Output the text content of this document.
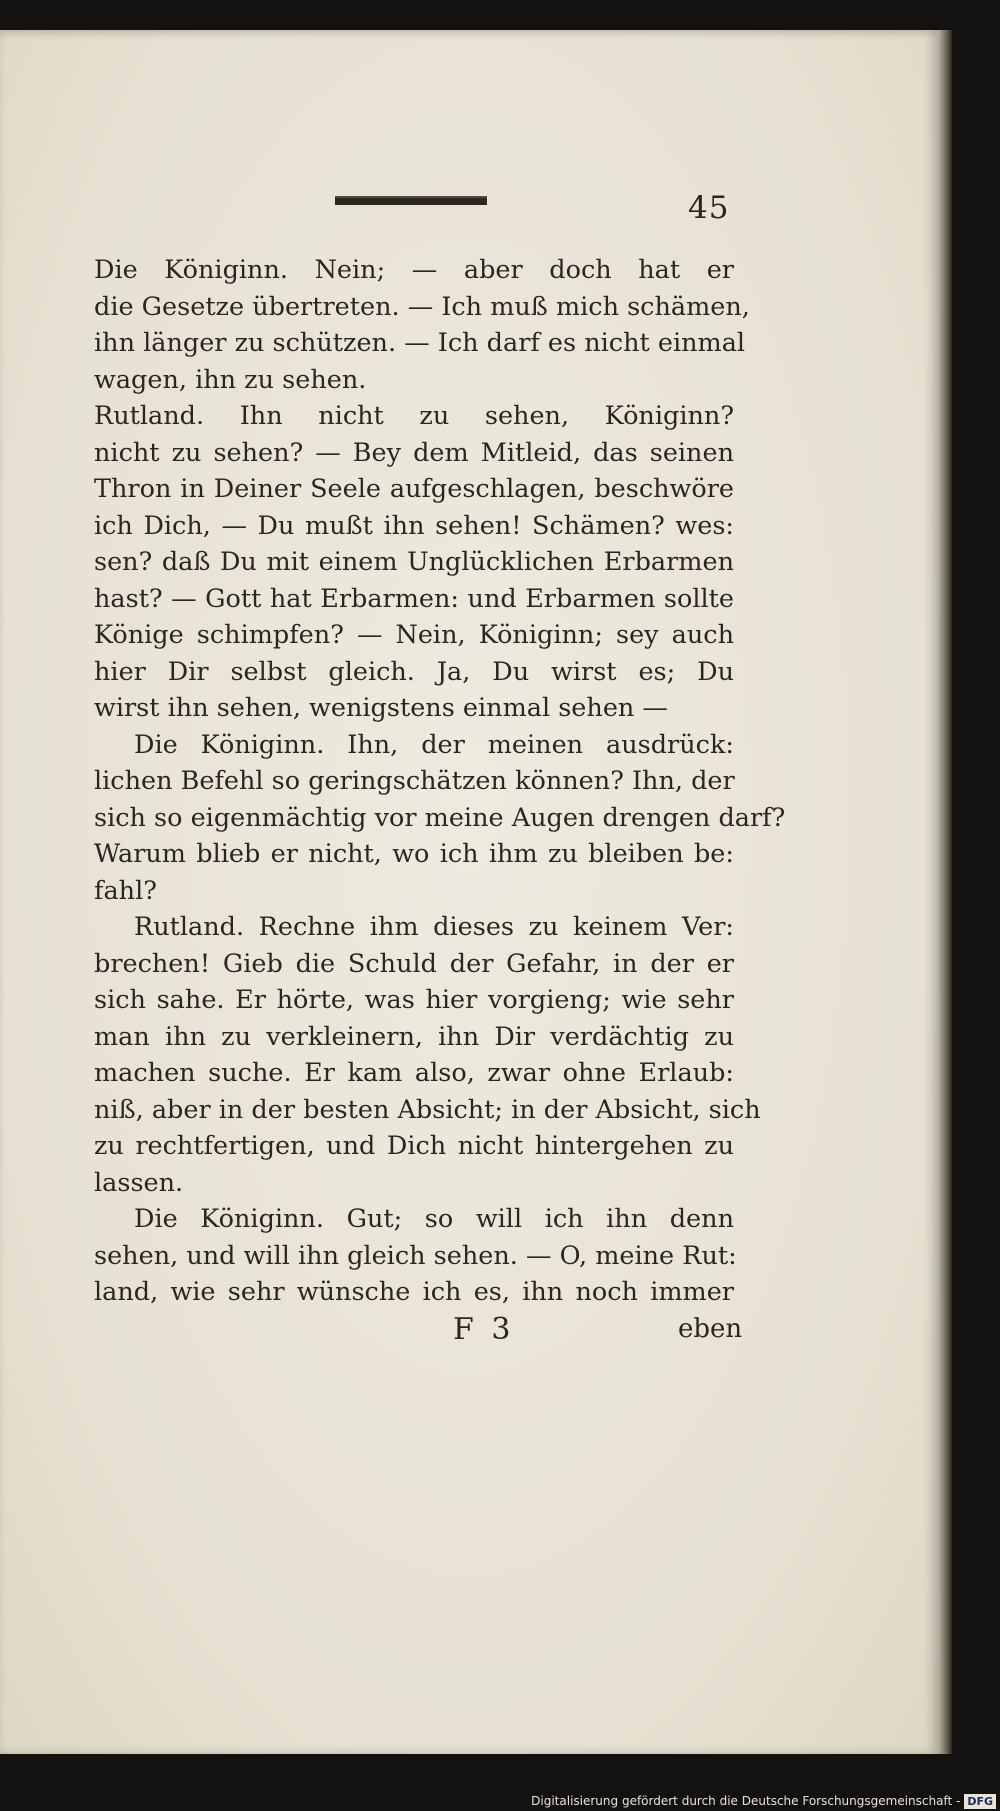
45
Die Königinn. Nein; — aber doch hat er
die Gesetze übertreten. — Ich muß mich schämen,
ihn länger zu schützen. — Ich darf es nicht einmal
wagen, ihn zu sehen.
Rutland. Ihn nicht zu sehen, Königinn?
nicht zu sehen? — Bey dem Mitleid, das seinen
Thron in Deiner Seele aufgeschlagen, beschwöre
ich Dich, — Du mußt ihn sehen! Schämen? wes:
sen? daß Du mit einem Unglücklichen Erbarmen
hast? — Gott hat Erbarmen: und Erbarmen sollte
Könige schimpfen? — Nein, Königinn; sey auch
hier Dir selbst gleich. Ja, Du wirst es; Du
wirst ihn sehen, wenigstens einmal sehen —
Die Königinn. Ihn, der meinen ausdrück:
lichen Befehl so geringschätzen können? Ihn, der
sich so eigenmächtig vor meine Augen drengen darf?
Warum blieb er nicht, wo ich ihm zu bleiben be:
fahl?
Rutland. Rechne ihm dieses zu keinem Ver:
brechen! Gieb die Schuld der Gefahr, in der er
sich sahe. Er hörte, was hier vorgieng; wie sehr
man ihn zu verkleinern, ihn Dir verdächtig zu
machen suche. Er kam also, zwar ohne Erlaub:
niß, aber in der besten Absicht; in der Absicht, sich
zu rechtfertigen, und Dich nicht hintergehen zu
lassen.
Die Königinn. Gut; so will ich ihn denn
sehen, und will ihn gleich sehen. — O, meine Rut:
land, wie sehr wünsche ich es, ihn noch immer
F 3	eben
Digitalisierung gefördert durch die Deutsche Forschungsgemeinschaft - DFG
